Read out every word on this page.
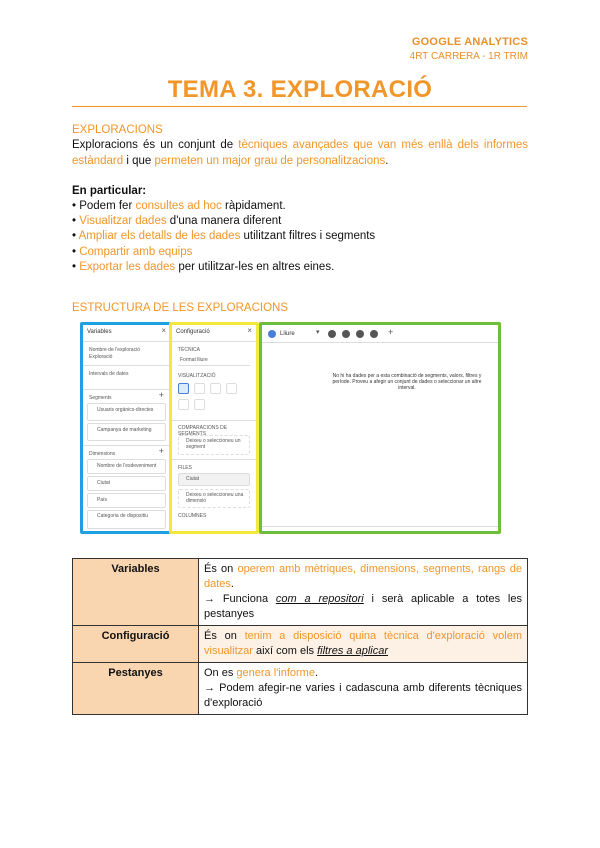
GOOGLE ANALYTICS
4RT CARRERA - 1R TRIM
TEMA 3. EXPLORACIÓ
EXPLORACIONS
Exploracions és un conjunt de tècniques avançades que van més enllà dels informes estàndard i que permeten un major grau de personalitzacions.
En particular:
• Podem fer consultes ad hoc ràpidament.
• Visualitzar dades d'una manera diferent
• Ampliar els detalls de les dades utilitzant filtres i segments
• Compartir amb equips
• Exportar les dades per utilitzar-les en altres eines.
ESTRUCTURA DE LES EXPLORACIONS
Variables	×
Nombre de l'exploració
Exploració
Intervals de dates
Segments	+
Usuaris orgànics-directes
Campanya de marketing
Dimensions	+
Nombre de l'esdeveniment
Ciutat
País
Categoria de dispositiu
Configuració	×
TÈCNICA
Format lliure
VISUALITZACIÓ
COMPARACIONS DE SEGMENTS
Deixeu o seleccioneu un segment
FILES
Ciutat
Deixeu o seleccioneu una dimensió
COLUMNES
Lliure	▾	+
No hi ha dades per a esta combinació de segments, valors, filtres y període. Proveu a afegir un conjunt de dades o seleccionar un altre interval.
Variables	És on operem amb mètriques, dimensions, segments, rangs de dates.
→ Funciona com a repositori i serà aplicable a totes les pestanyes
Configuració	És on tenim a disposició quina tècnica d'exploració volem visualitzar així com els filtres a aplicar
Pestanyes	On es genera l'informe.
→ Podem afegir-ne varies i cadascuna amb diferents tècniques d'exploració
